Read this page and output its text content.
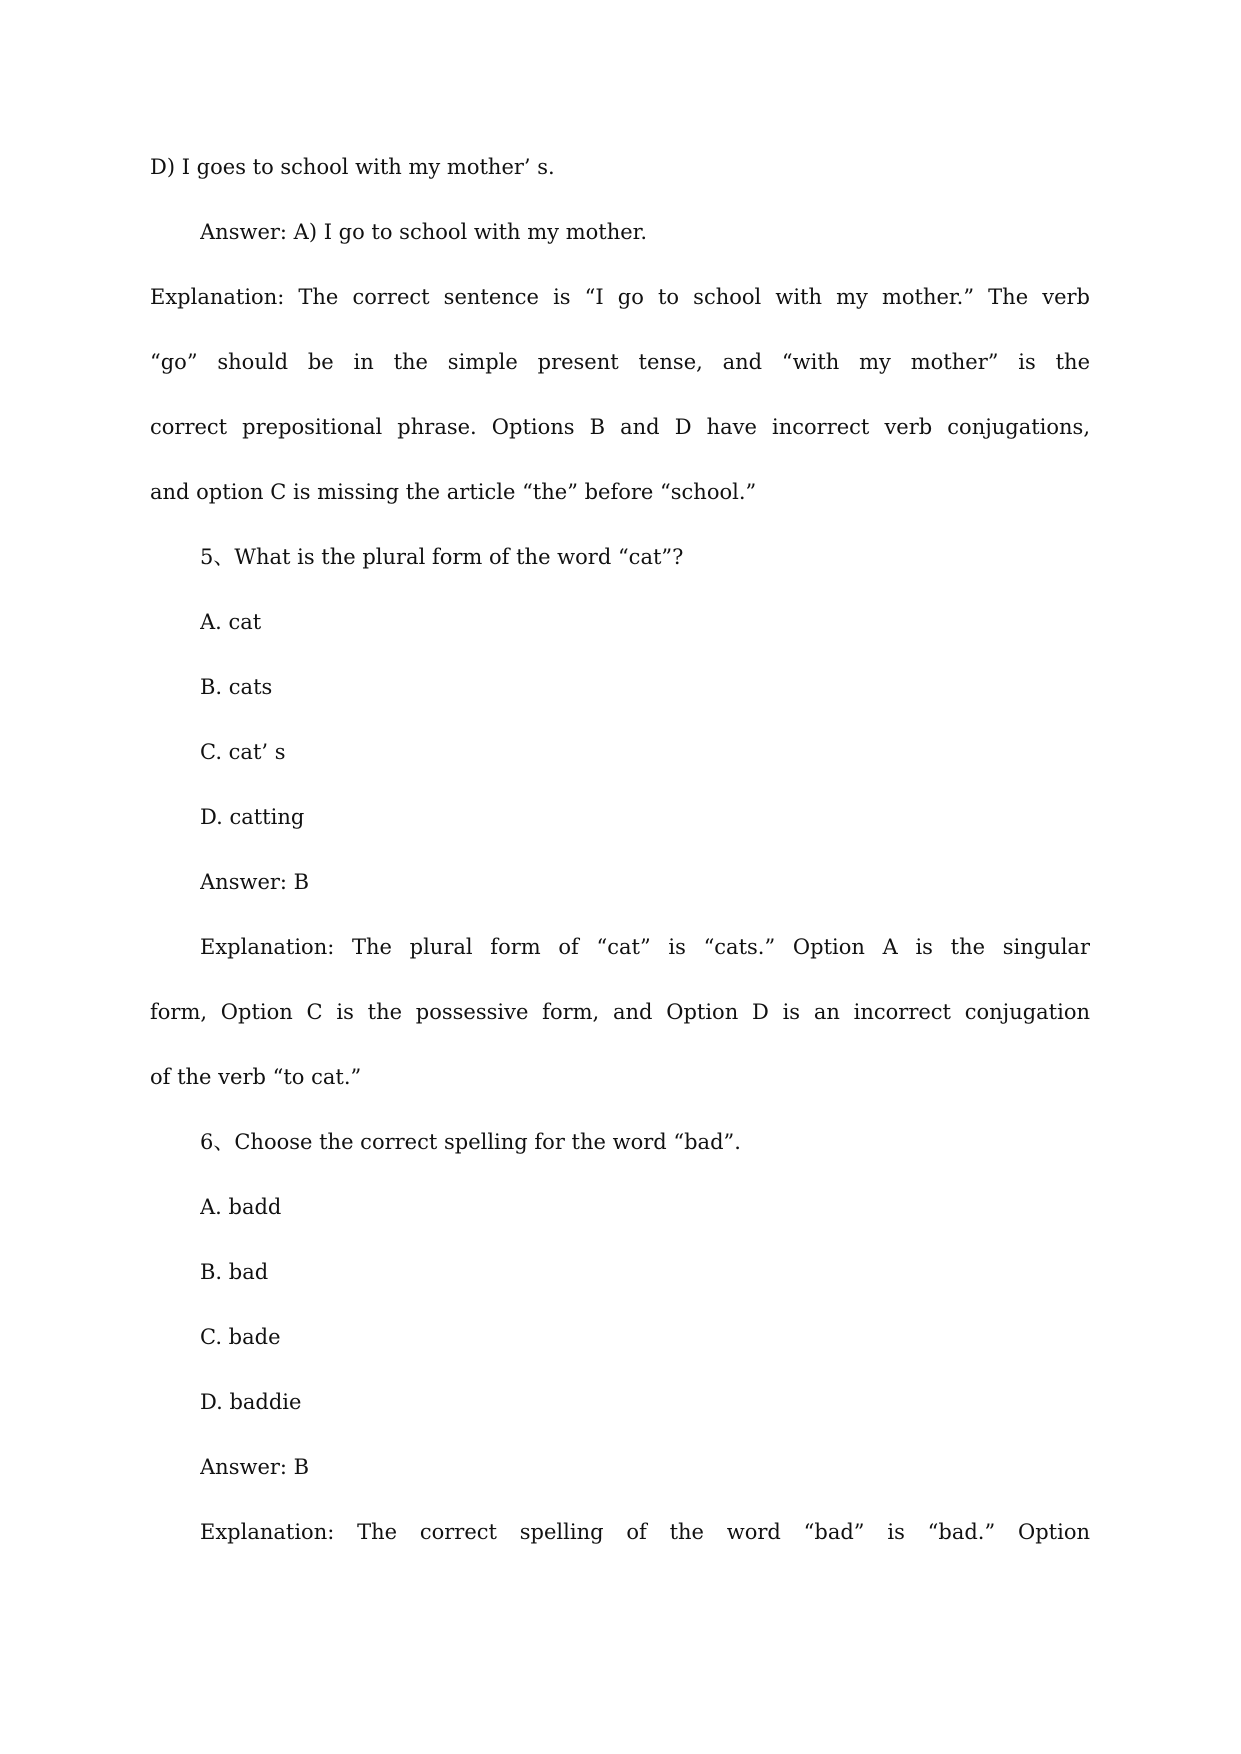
D) I goes to school with my mother’ s.
Answer: A) I go to school with my mother.
Explanation: The correct sentence is “I go to school with my mother.” The verb
“go” should be in the simple present tense, and “with my mother” is the
correct prepositional phrase. Options B and D have incorrect verb conjugations,
and option C is missing the article “the” before “school.”
5、What is the plural form of the word “cat”?
A. cat
B. cats
C. cat’ s
D. catting
Answer: B
Explanation: The plural form of “cat” is “cats.” Option A is the singular
form, Option C is the possessive form, and Option D is an incorrect conjugation
of the verb “to cat.”
6、Choose the correct spelling for the word “bad”.
A. badd
B. bad
C. bade
D. baddie
Answer: B
Explanation: The correct spelling of the word “bad” is “bad.” Option
